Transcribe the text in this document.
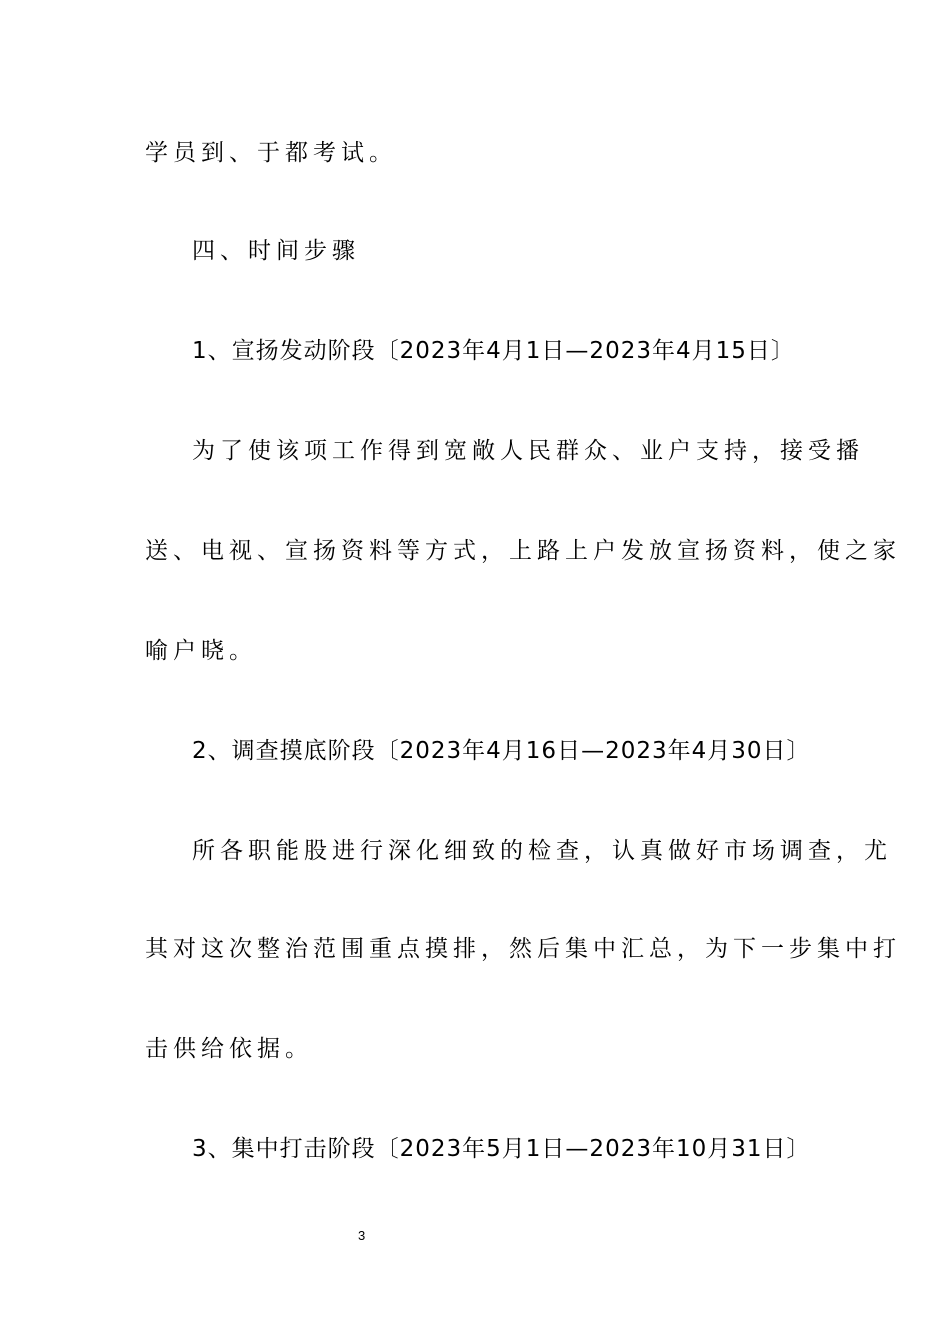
学员到、于都考试。
四、时间步骤
1、宣扬发动阶段〔2023年4月1日—2023年4月15日〕
为了使该项工作得到宽敞人民群众、业户支持，接受播
送、电视、宣扬资料等方式，上路上户发放宣扬资料，使之家
喻户晓。
2、调查摸底阶段〔2023年4月16日—2023年4月30日〕
所各职能股进行深化细致的检查，认真做好市场调查，尤
其对这次整治范围重点摸排，然后集中汇总，为下一步集中打
击供给依据。
3、集中打击阶段〔2023年5月1日—2023年10月31日〕
3
